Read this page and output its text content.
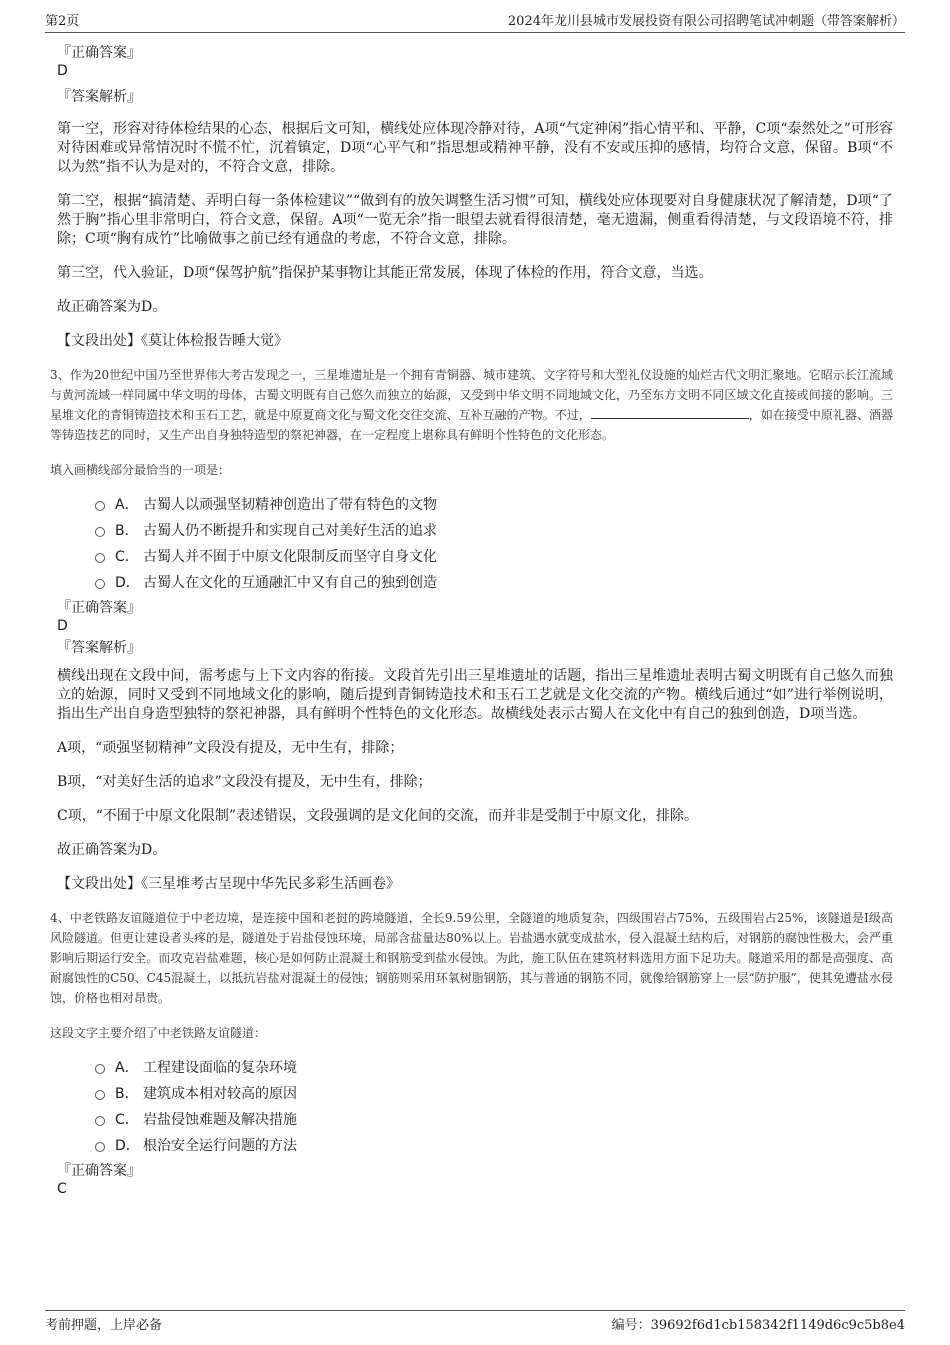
第2页	2024年龙川县城市发展投资有限公司招聘笔试冲刺题（带答案解析）
『正确答案』
D
『答案解析』

第一空，形容对待体检结果的心态，根据后文可知，横线处应体现冷静对待，A项“气定神闲”指心情平和、平静，C项“泰然处之”可形容对待困难或异常情况时不慌不忙，沉着镇定，D项“心平气和”指思想或精神平静，没有不安或压抑的感情，均符合文意，保留。B项“不以为然”指不认为是对的，不符合文意，排除。

第二空，根据“搞清楚、弄明白每一条体检建议”“做到有的放矢调整生活习惯”可知，横线处应体现要对自身健康状况了解清楚，D项“了然于胸”指心里非常明白，符合文意，保留。A项“一览无余”指一眼望去就看得很清楚，毫无遗漏，侧重看得清楚，与文段语境不符，排除；C项“胸有成竹”比喻做事之前已经有通盘的考虑，不符合文意，排除。

第三空，代入验证，D项“保驾护航”指保护某事物让其能正常发展，体现了体检的作用，符合文意，当选。

故正确答案为D。

【文段出处】《莫让体检报告睡大觉》

3、作为20世纪中国乃至世界伟大考古发现之一，三星堆遗址是一个拥有青铜器、城市建筑、文字符号和大型礼仪设施的灿烂古代文明汇聚地。它昭示长江流域与黄河流域一样同属中华文明的母体，古蜀文明既有自己悠久而独立的始源，又受到中华文明不同地域文化，乃至东方文明不同区域文化直接或间接的影响。三星堆文化的青铜铸造技术和玉石工艺，就是中原夏商文化与蜀文化交往交流、互补互融的产物。不过，	，如在接受中原礼器、酒器等铸造技艺的同时，又生产出自身独特造型的祭祀神器，在一定程度上堪称具有鲜明个性特色的文化形态。
填入画横线部分最恰当的一项是：
A． 古蜀人以顽强坚韧精神创造出了带有特色的文物
B． 古蜀人仍不断提升和实现自己对美好生活的追求
C． 古蜀人并不囿于中原文化限制反而坚守自身文化
D． 古蜀人在文化的互通融汇中又有自己的独到创造
『正确答案』
D
『答案解析』

横线出现在文段中间，需考虑与上下文内容的衔接。文段首先引出三星堆遗址的话题，指出三星堆遗址表明古蜀文明既有自己悠久而独立的始源，同时又受到不同地域文化的影响，随后提到青铜铸造技术和玉石工艺就是文化交流的产物。横线后通过“如”进行举例说明，指出生产出自身造型独特的祭祀神器，具有鲜明个性特色的文化形态。故横线处表示古蜀人在文化中有自己的独到创造，D项当选。

A项，“顽强坚韧精神”文段没有提及，无中生有，排除；

B项，“对美好生活的追求”文段没有提及，无中生有，排除；

C项，“不囿于中原文化限制”表述错误，文段强调的是文化间的交流，而并非是受制于中原文化，排除。

故正确答案为D。

【文段出处】《三星堆考古呈现中华先民多彩生活画卷》

4、中老铁路友谊隧道位于中老边境，是连接中国和老挝的跨境隧道，全长9.59公里，全隧道的地质复杂，四级围岩占75%，五级围岩占25%，该隧道是Ⅰ级高风险隧道。但更让建设者头疼的是，隧道处于岩盐侵蚀环境，局部含盐量达80%以上。岩盐遇水就变成盐水，侵入混凝土结构后，对钢筋的腐蚀性极大，会严重影响后期运行安全。而攻克岩盐难题，核心是如何防止混凝土和钢筋受到盐水侵蚀。为此，施工队伍在建筑材料选用方面下足功夫。隧道采用的都是高强度、高耐腐蚀性的C50、C45混凝土，以抵抗岩盐对混凝土的侵蚀；钢筋则采用环氧树脂钢筋，其与普通的钢筋不同，就像给钢筋穿上一层“防护服”，使其免遭盐水侵蚀，价格也相对昂贵。
这段文字主要介绍了中老铁路友谊隧道：
A． 工程建设面临的复杂环境
B． 建筑成本相对较高的原因
C． 岩盐侵蚀难题及解决措施
D． 根治安全运行问题的方法
『正确答案』
C
考前押题，上岸必备	编号：39692f6d1cb158342f1149d6c9c5b8e4
